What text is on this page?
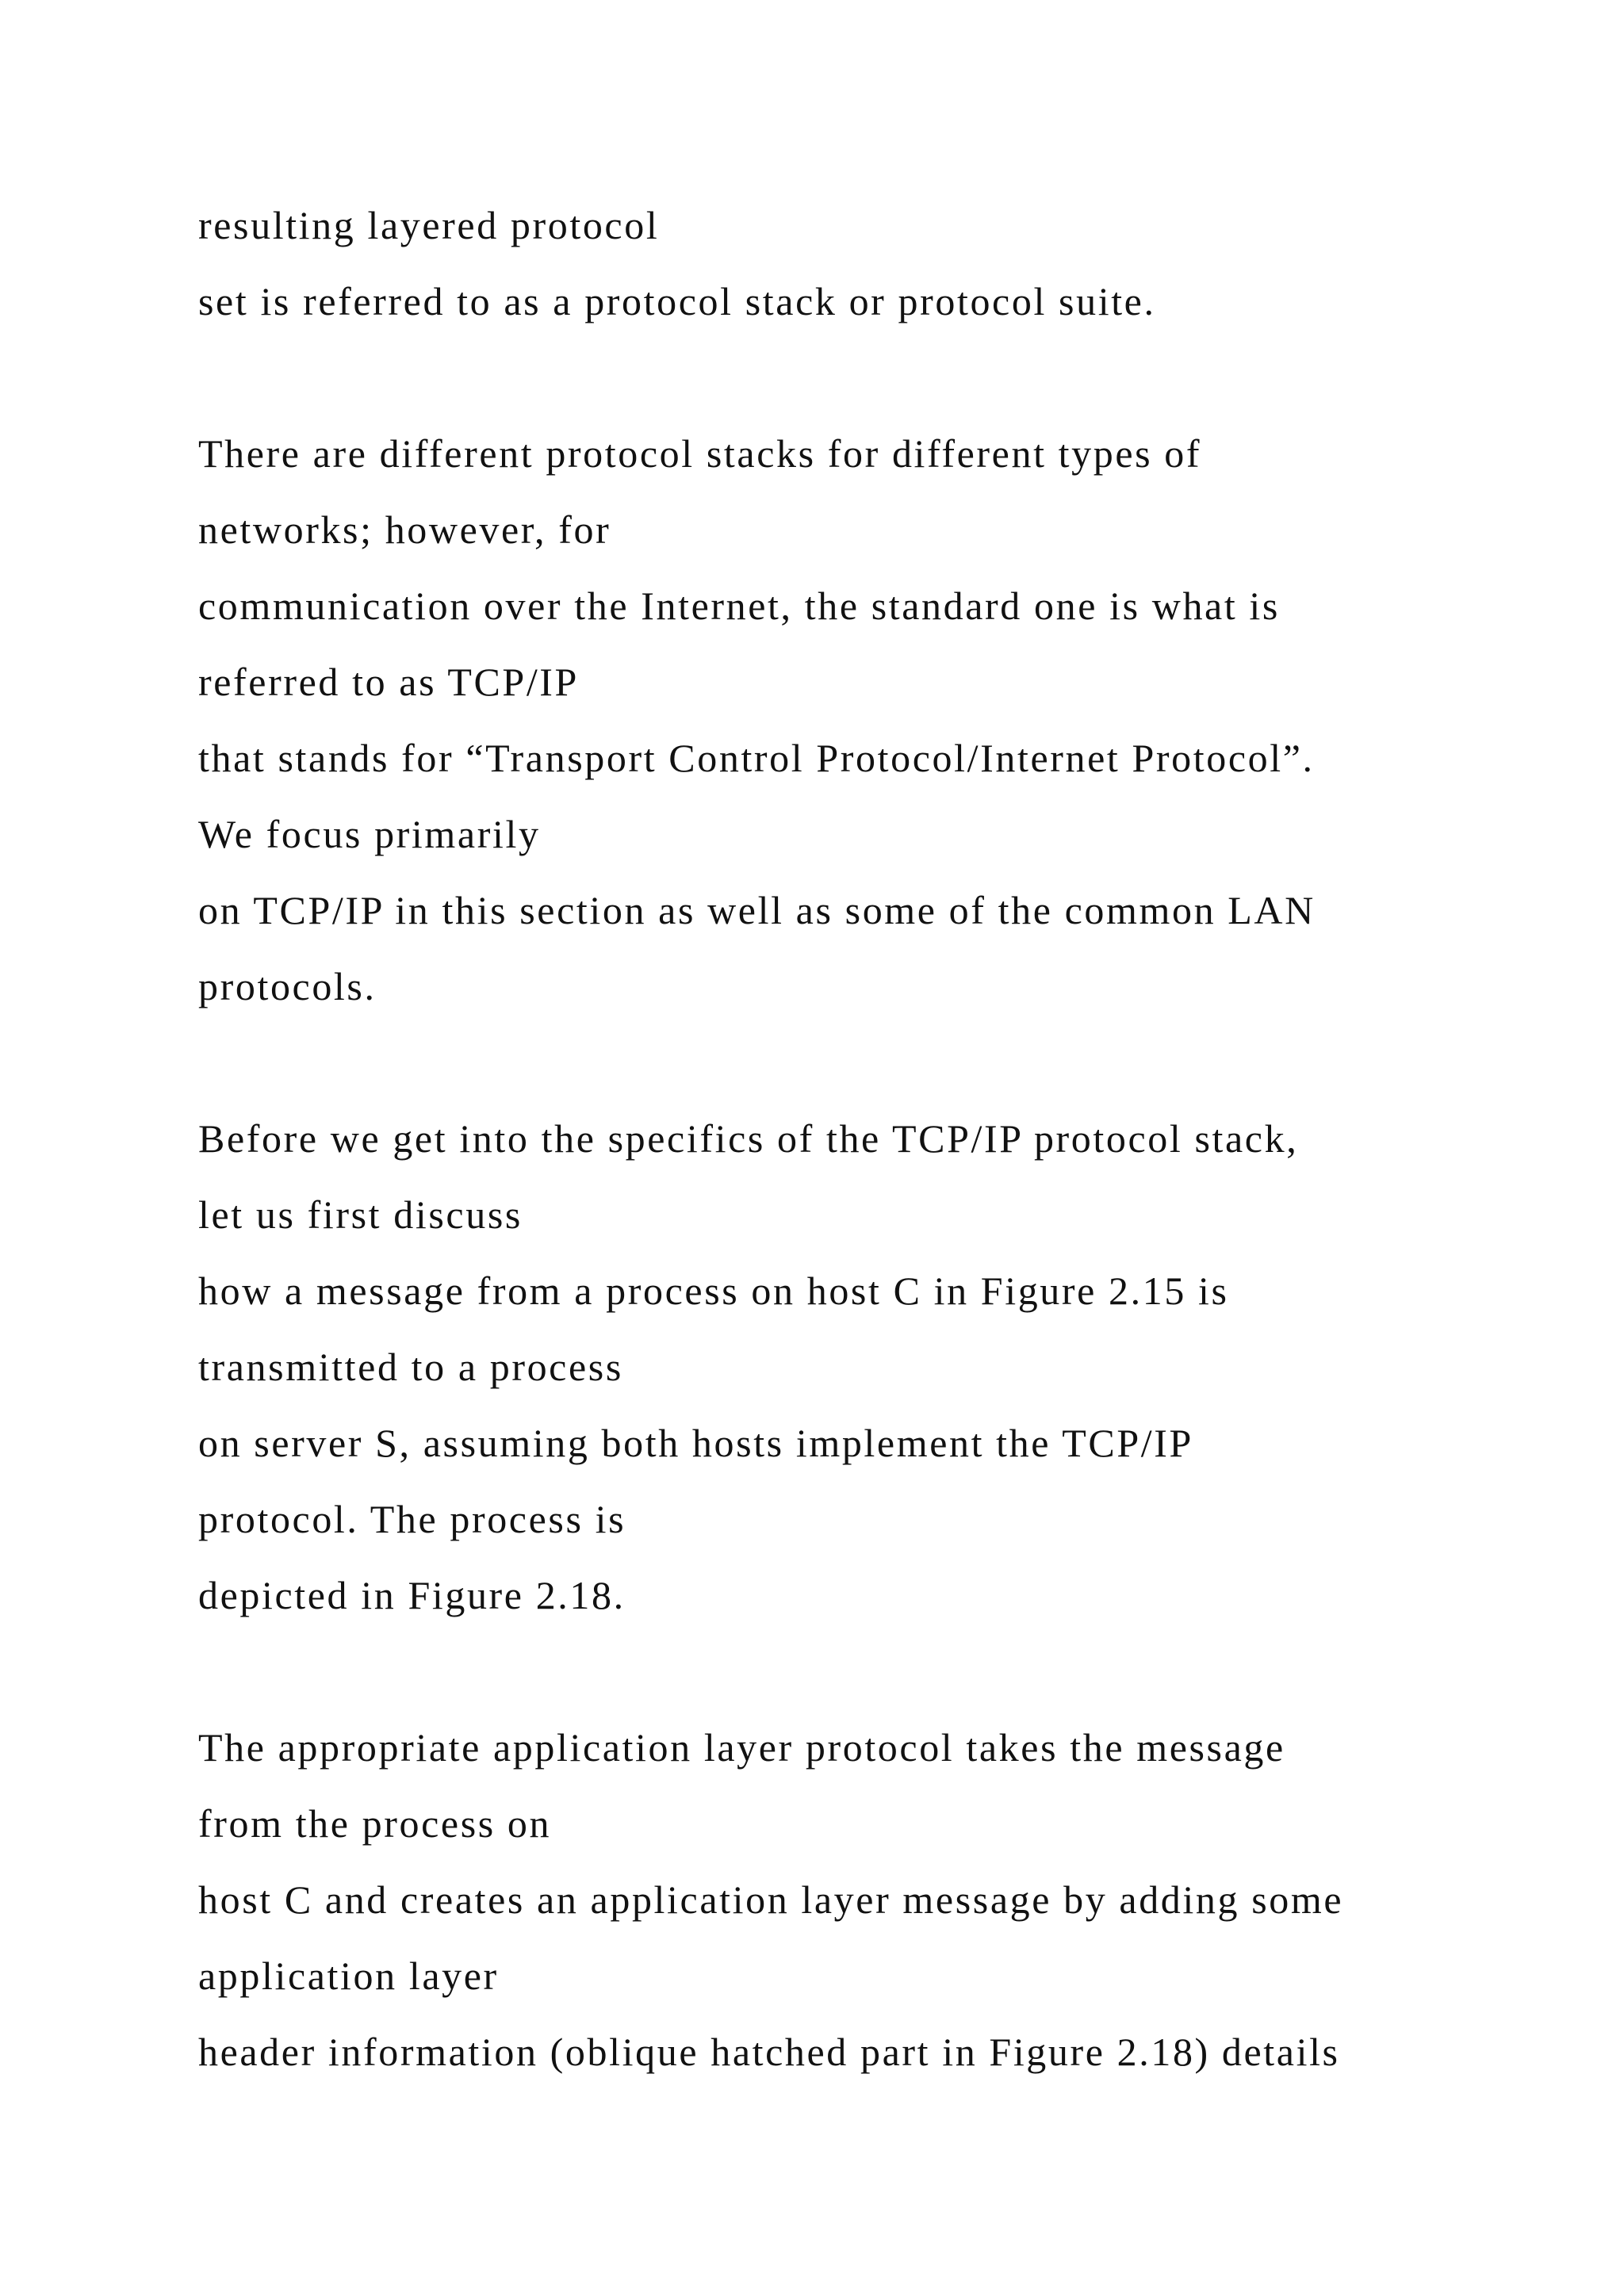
resulting layered protocol
set is referred to as a protocol stack or protocol suite.
There are different protocol stacks for different types of
networks; however, for
communication over the Internet, the standard one is what is
referred to as TCP/IP
that stands for “Transport Control Protocol/Internet Protocol”.
We focus primarily
on TCP/IP in this section as well as some of the common LAN
protocols.
Before we get into the specifics of the TCP/IP protocol stack,
let us first discuss
how a message from a process on host C in Figure 2.15 is
transmitted to a process
on server S, assuming both hosts implement the TCP/IP
protocol. The process is
depicted in Figure 2.18.
The appropriate application layer protocol takes the message
from the process on
host C and creates an application layer message by adding some
application layer
header information (oblique hatched part in Figure 2.18) details
